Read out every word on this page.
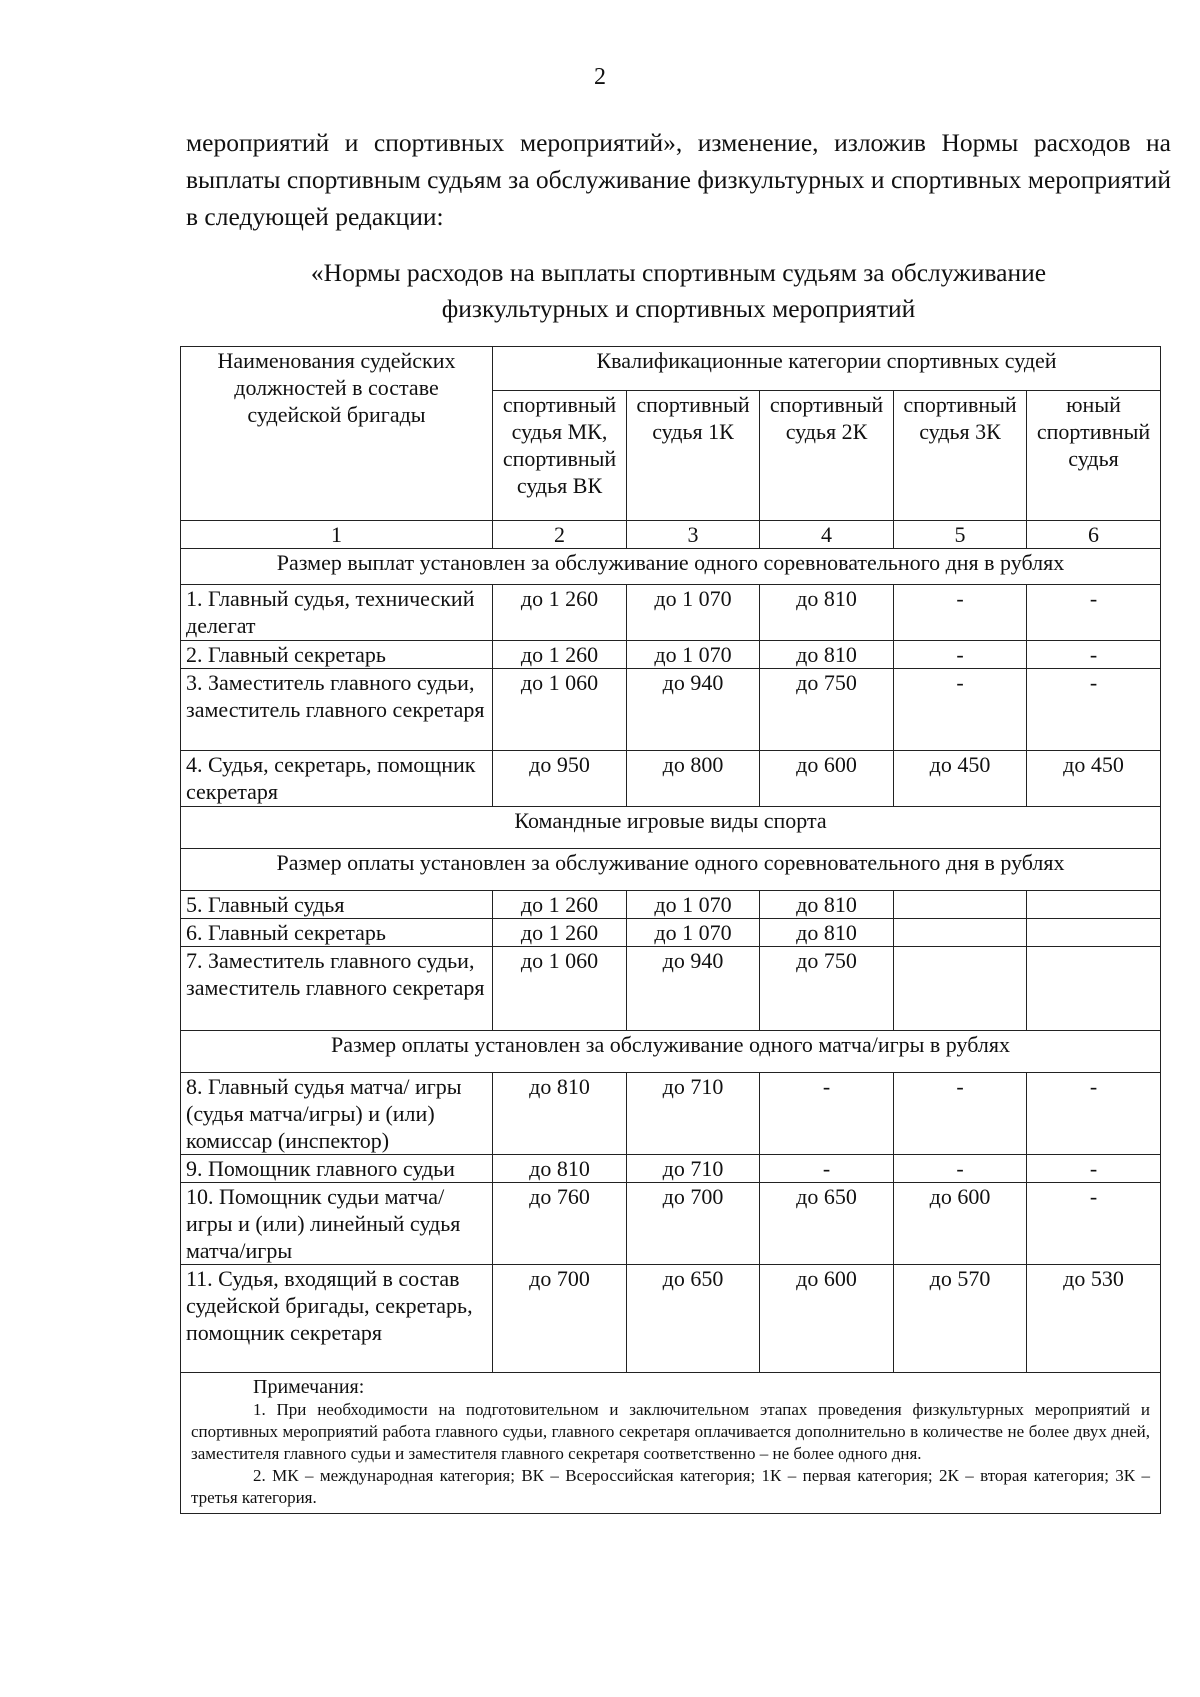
2
мероприятий и спортивных мероприятий», изменение, изложив Нормы расходов на выплаты спортивным судьям за обслуживание физкультурных и спортивных мероприятий в следующей редакции:
«Нормы расходов на выплаты спортивным судьям за обслуживание
физкультурных и спортивных мероприятий
Наименования судейских должностей в составе судейской бригады	Квалификационные категории спортивных судей				
	спортивный судья МК, спортивный судья ВК	спортивный судья 1К	спортивный судья 2К	спортивный судья 3К	юный спортивный судья
1	2	3	4	5	6
Размер выплат установлен за обслуживание одного соревновательного дня в рублях					
1. Главный судья, технический делегат	до 1 260	до 1 070	до 810	-	-
2. Главный секретарь	до 1 260	до 1 070	до 810	-	-
3. Заместитель главного судьи, заместитель главного секретаря	до 1 060	до 940	до 750	-	-
4. Судья, секретарь, помощник секретаря	до 950	до 800	до 600	до 450	до 450
Командные игровые виды спорта					
Размер оплаты установлен за обслуживание одного соревновательного дня в рублях					
5. Главный судья	до 1 260	до 1 070	до 810		
6. Главный секретарь	до 1 260	до 1 070	до 810		
7. Заместитель главного судьи, заместитель главного секретаря	до 1 060	до 940	до 750		
Размер оплаты установлен за обслуживание одного матча/игры в рублях					
8. Главный судья матча/ игры (судья матча/игры) и (или) комиссар (инспектор)	до 810	до 710	-	-	-
9. Помощник главного судьи	до 810	до 710	-	-	-
10. Помощник судьи матча/игры и (или) линейный судья матча/игры	до 760	до 700	до 650	до 600	-
11. Судья, входящий в состав судейской бригады, секретарь, помощник секретаря	до 700	до 650	до 600	до 570	до 530

Примечания:

1. При необходимости на подготовительном и заключительном этапах проведения физкультурных мероприятий и спортивных мероприятий работа главного судьи, главного секретаря оплачивается дополнительно в количестве не более двух дней, заместителя главного судьи и заместителя главного секретаря соответственно – не более одного дня.

2. МК – международная категория; ВК – Всероссийская категория; 1К – первая категория; 2К – вторая категория; 3К – третья категория.					
